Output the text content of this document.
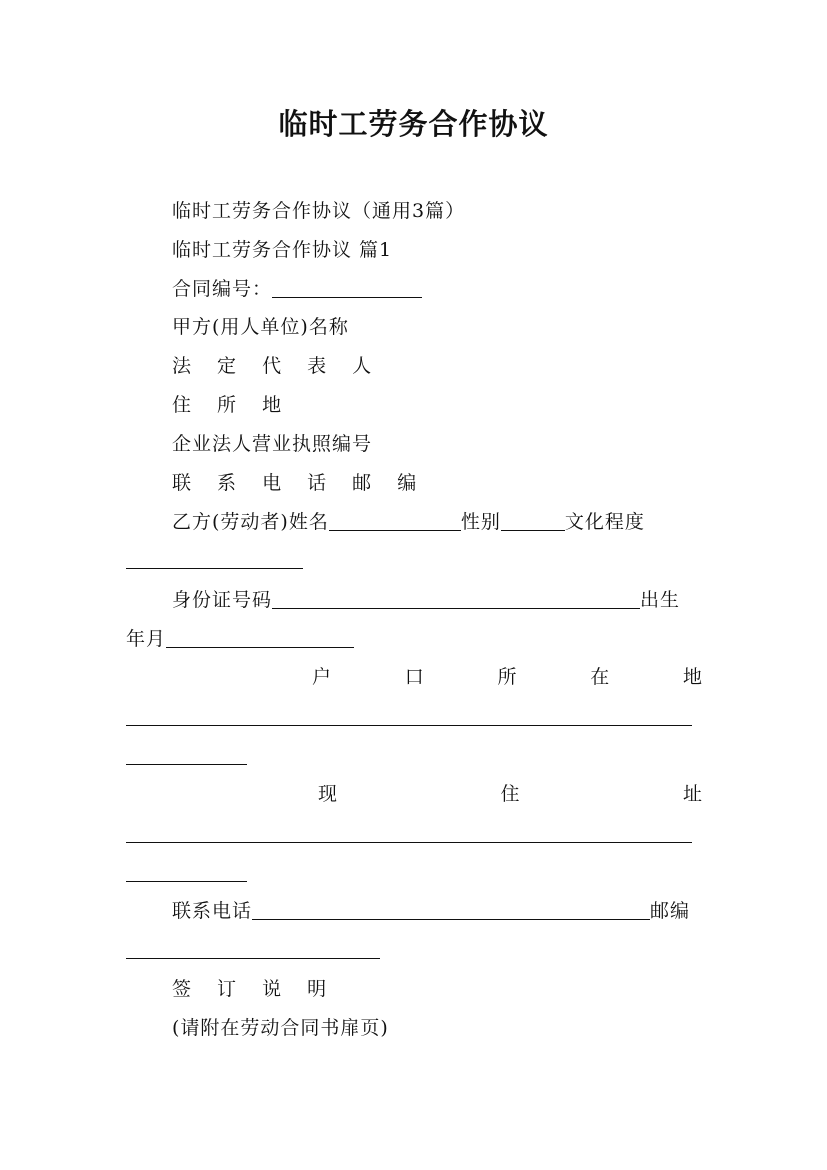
临时工劳务合作协议
临时工劳务合作协议（通用3篇）
临时工劳务合作协议 篇1
合同编号：
甲方(用人单位)名称
法 定 代 表 人
住 所 地
企业法人营业执照编号
联 系 电 话 邮 编
乙方(劳动者)姓名	性别	文化程度
身份证号码	出生
年月
户	口	所	在	地
现	住	址
联系电话	邮编
签 订 说 明
(请附在劳动合同书扉页)
